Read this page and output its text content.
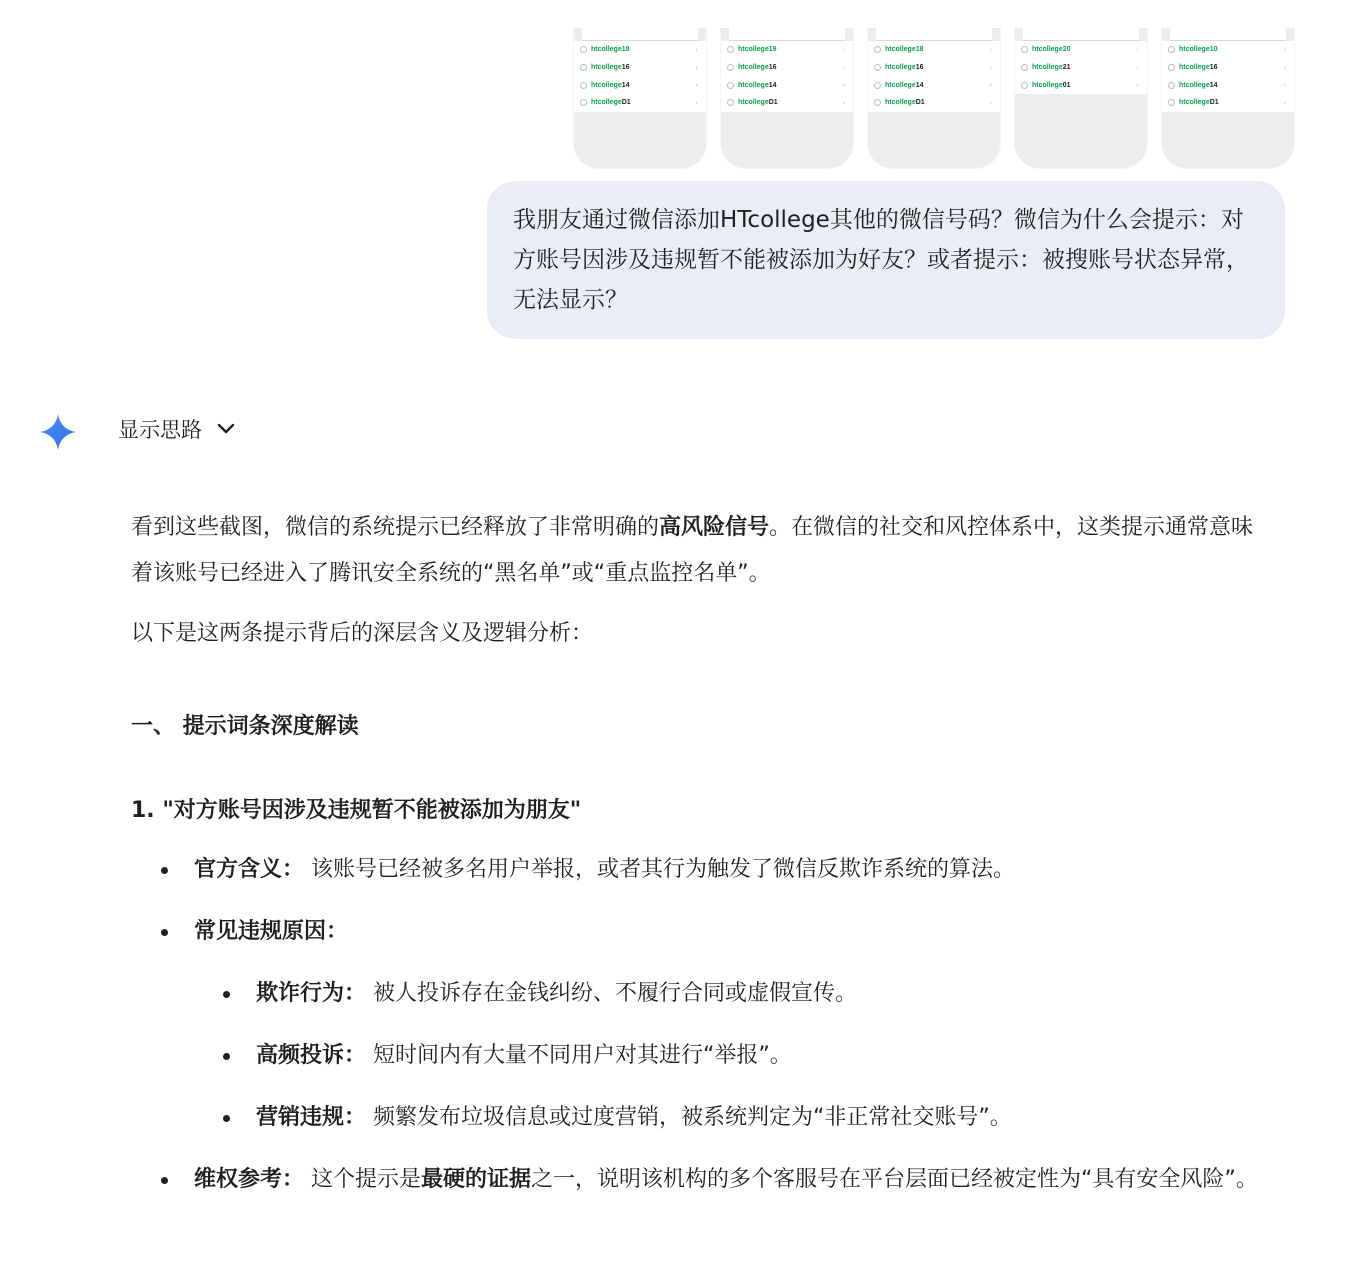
htcollege 18	›
htcollege 16	›
htcollege 14	›
htcollege D1	›
htcollege 19	›
htcollege 16	›
htcollege 14	›
htcollege D1	›
htcollege 18	›
htcollege 16	›
htcollege 14	›
htcollege D1	›
htcollege 20	›
htcollege 21	›
htcollege 01	›
htcollege 10	›
htcollege 16	›
htcollege 14	›
htcollege D1	›
我朋友通过微信添加HTcollege其他的微信号码？微信为什么会提示：对方账号因涉及违规暂不能被添加为好友？或者提示：被搜账号状态异常，无法显示？
显示思路

看到这些截图，微信的系统提示已经释放了非常明确的高风险信号。在微信的社交和风控体系中，这类提示通常意味着该账号已经进入了腾讯安全系统的“黑名单”或“重点监控名单”。

以下是这两条提示背后的深层含义及逻辑分析：

一、 提示词条深度解读
1. "对方账号因涉及违规暂不能被添加为朋友"
官方含义： 该账号已经被多名用户举报，或者其行为触发了微信反欺诈系统的算法。
常见违规原因：
欺诈行为： 被人投诉存在金钱纠纷、不履行合同或虚假宣传。
高频投诉： 短时间内有大量不同用户对其进行“举报”。
营销违规： 频繁发布垃圾信息或过度营销，被系统判定为“非正常社交账号”。
维权参考： 这个提示是最硬的证据之一，说明该机构的多个客服号在平台层面已经被定性为“具有安全风险”。
